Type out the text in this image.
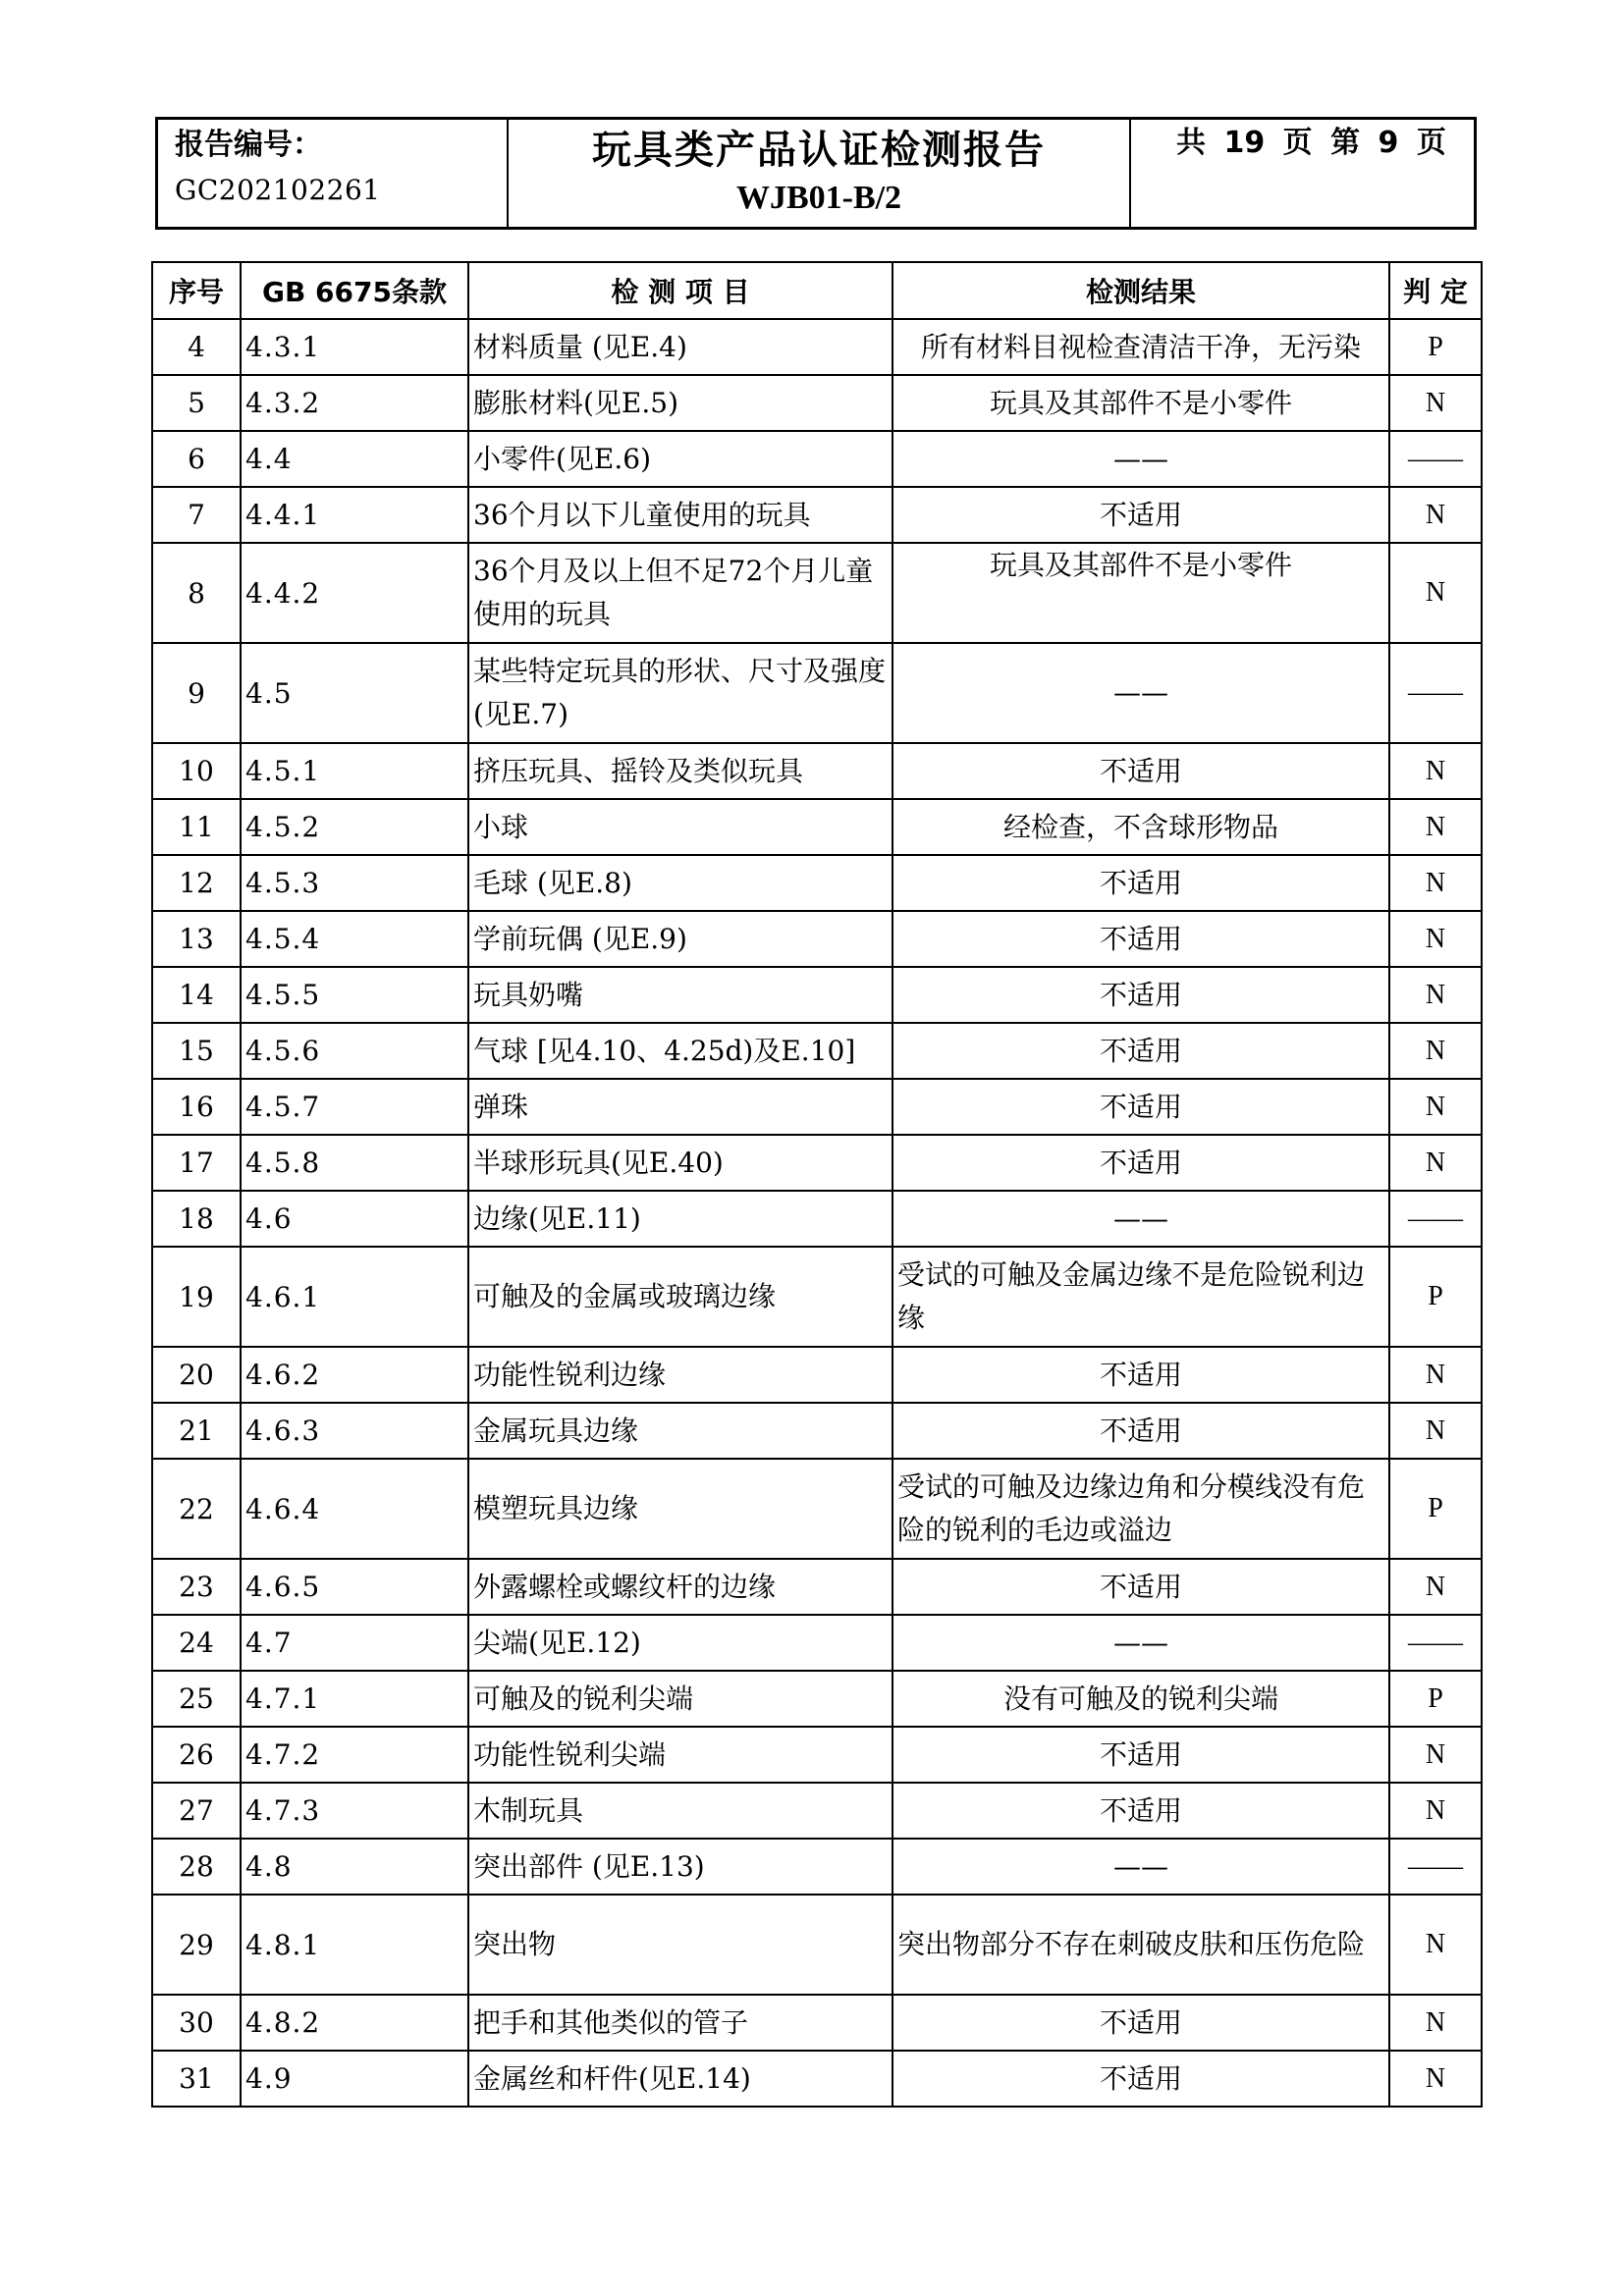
报告编号：
GC202102261
玩具类产品认证检测报告
WJB01-B/2
共 19 页 第 9 页
序号	GB 6675条款	检 测 项 目	检测结果	判 定
4	4.3.1	材料质量 (见E.4)	所有材料目视检查清洁干净，无污染	P
5	4.3.2	膨胀材料(见E.5)	玩具及其部件不是小零件	N
6	4.4	小零件(见E.6)	——	——
7	4.4.1	36个月以下儿童使用的玩具	不适用	N
8	4.4.2	36个月及以上但不足72个月儿童使用的玩具	玩具及其部件不是小零件	N
9	4.5	某些特定玩具的形状、尺寸及强度(见E.7)	——	——
10	4.5.1	挤压玩具、摇铃及类似玩具	不适用	N
11	4.5.2	小球	经检查，不含球形物品	N
12	4.5.3	毛球 (见E.8)	不适用	N
13	4.5.4	学前玩偶 (见E.9)	不适用	N
14	4.5.5	玩具奶嘴	不适用	N
15	4.5.6	气球 [见4.10、4.25d)及E.10]	不适用	N
16	4.5.7	弹珠	不适用	N
17	4.5.8	半球形玩具(见E.40)	不适用	N
18	4.6	边缘(见E.11)	——	——
19	4.6.1	可触及的金属或玻璃边缘	受试的可触及金属边缘不是危险锐利边缘	P
20	4.6.2	功能性锐利边缘	不适用	N
21	4.6.3	金属玩具边缘	不适用	N
22	4.6.4	模塑玩具边缘	受试的可触及边缘边角和分模线没有危险的锐利的毛边或溢边	P
23	4.6.5	外露螺栓或螺纹杆的边缘	不适用	N
24	4.7	尖端(见E.12)	——	——
25	4.7.1	可触及的锐利尖端	没有可触及的锐利尖端	P
26	4.7.2	功能性锐利尖端	不适用	N
27	4.7.3	木制玩具	不适用	N
28	4.8	突出部件 (见E.13)	——	——
29	4.8.1	突出物	突出物部分不存在刺破皮肤和压伤危险	N
30	4.8.2	把手和其他类似的管子	不适用	N
31	4.9	金属丝和杆件(见E.14)	不适用	N
